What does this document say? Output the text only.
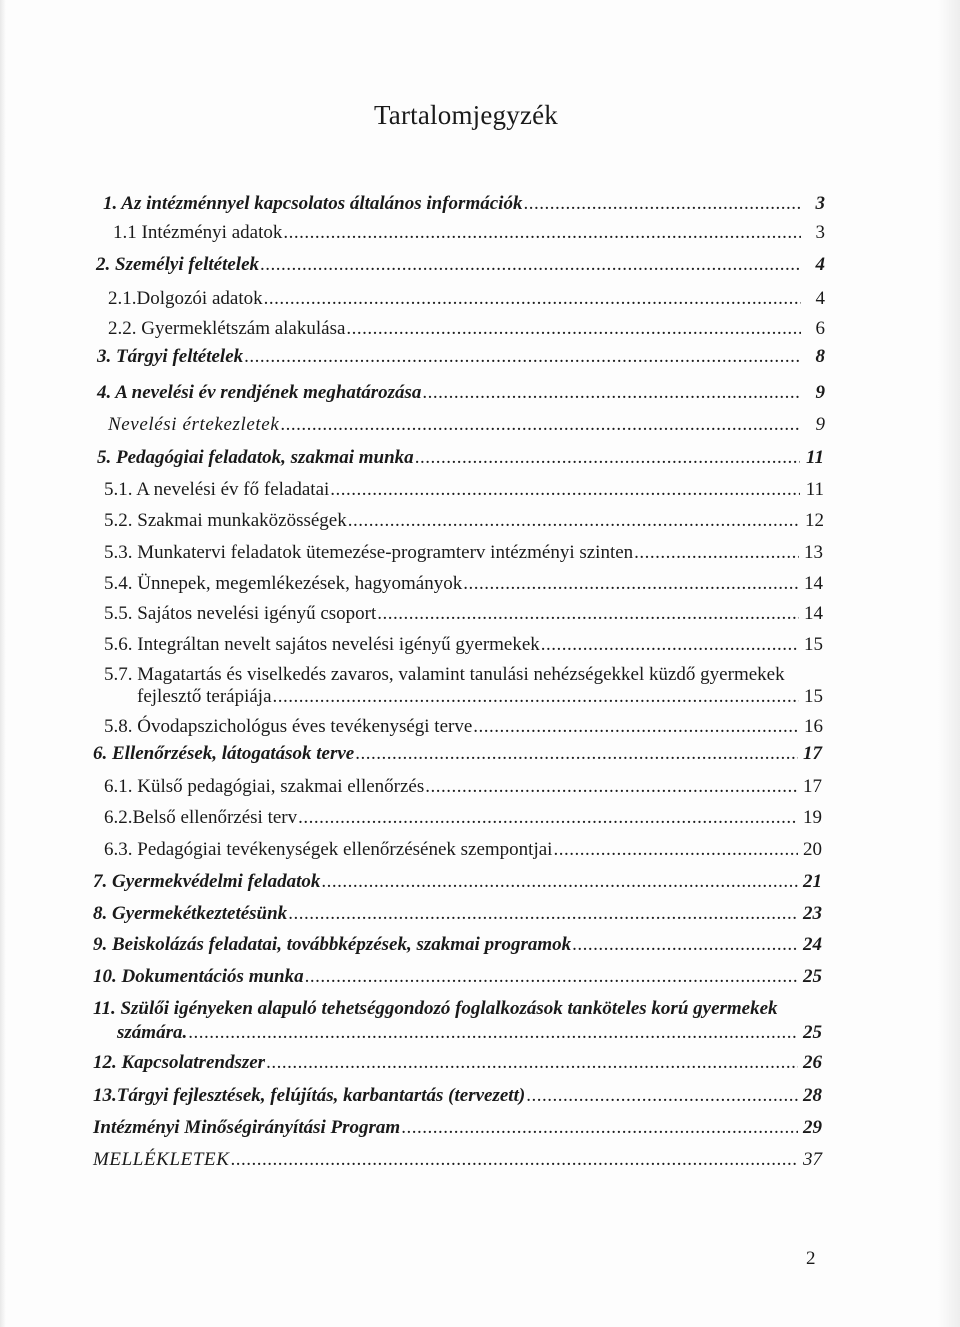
Tartalomjegyzék
1. Az intézménnyel kapcsolatos általános információk .....	3
1.1 Intézményi adatok .....	3
2. Személyi feltételek .....	4
2.1.Dolgozói adatok .....	4
2.2. Gyermeklétszám alakulása .....	6
3. Tárgyi feltételek .....	8
4. A nevelési év rendjének meghatározása .....	9
Nevelési értekezletek .....	9
5. Pedagógiai feladatok, szakmai munka .....	11
5.1. A nevelési év fő feladatai .....	11
5.2. Szakmai munkaközösségek .....	12
5.3. Munkatervi feladatok ütemezése-programterv intézményi szinten .....	13
5.4. Ünnepek, megemlékezések, hagyományok .....	14
5.5. Sajátos nevelési igényű csoport .....	14
5.6. Integráltan nevelt sajátos nevelési igényű gyermekek .....	15
5.7. Magatartás és viselkedés zavaros, valamint tanulási nehézségekkel küzdő gyermekek
fejlesztő terápiája .....	15
5.8. Óvodapszichológus éves tevékenységi terve .....	16
6. Ellenőrzések, látogatások terve .....	17
6.1. Külső pedagógiai, szakmai ellenőrzés .....	17
6.2.Belső ellenőrzési terv .....	19
6.3. Pedagógiai tevékenységek ellenőrzésének szempontjai .....	20
7. Gyermekvédelmi feladatok .....	21
8. Gyermekétkeztetésünk .....	23
9. Beiskolázás feladatai, továbbképzések, szakmai programok .....	24
10. Dokumentációs munka .....	25
11. Szülői igényeken alapuló tehetséggondozó foglalkozások tanköteles korú gyermekek
számára. .....	25
12. Kapcsolatrendszer .....	26
13.Tárgyi fejlesztések, felújítás, karbantartás (tervezett) .....	28
Intézményi Minőségirányítási Program .....	29
MELLÉKLETEK .....	37
2
